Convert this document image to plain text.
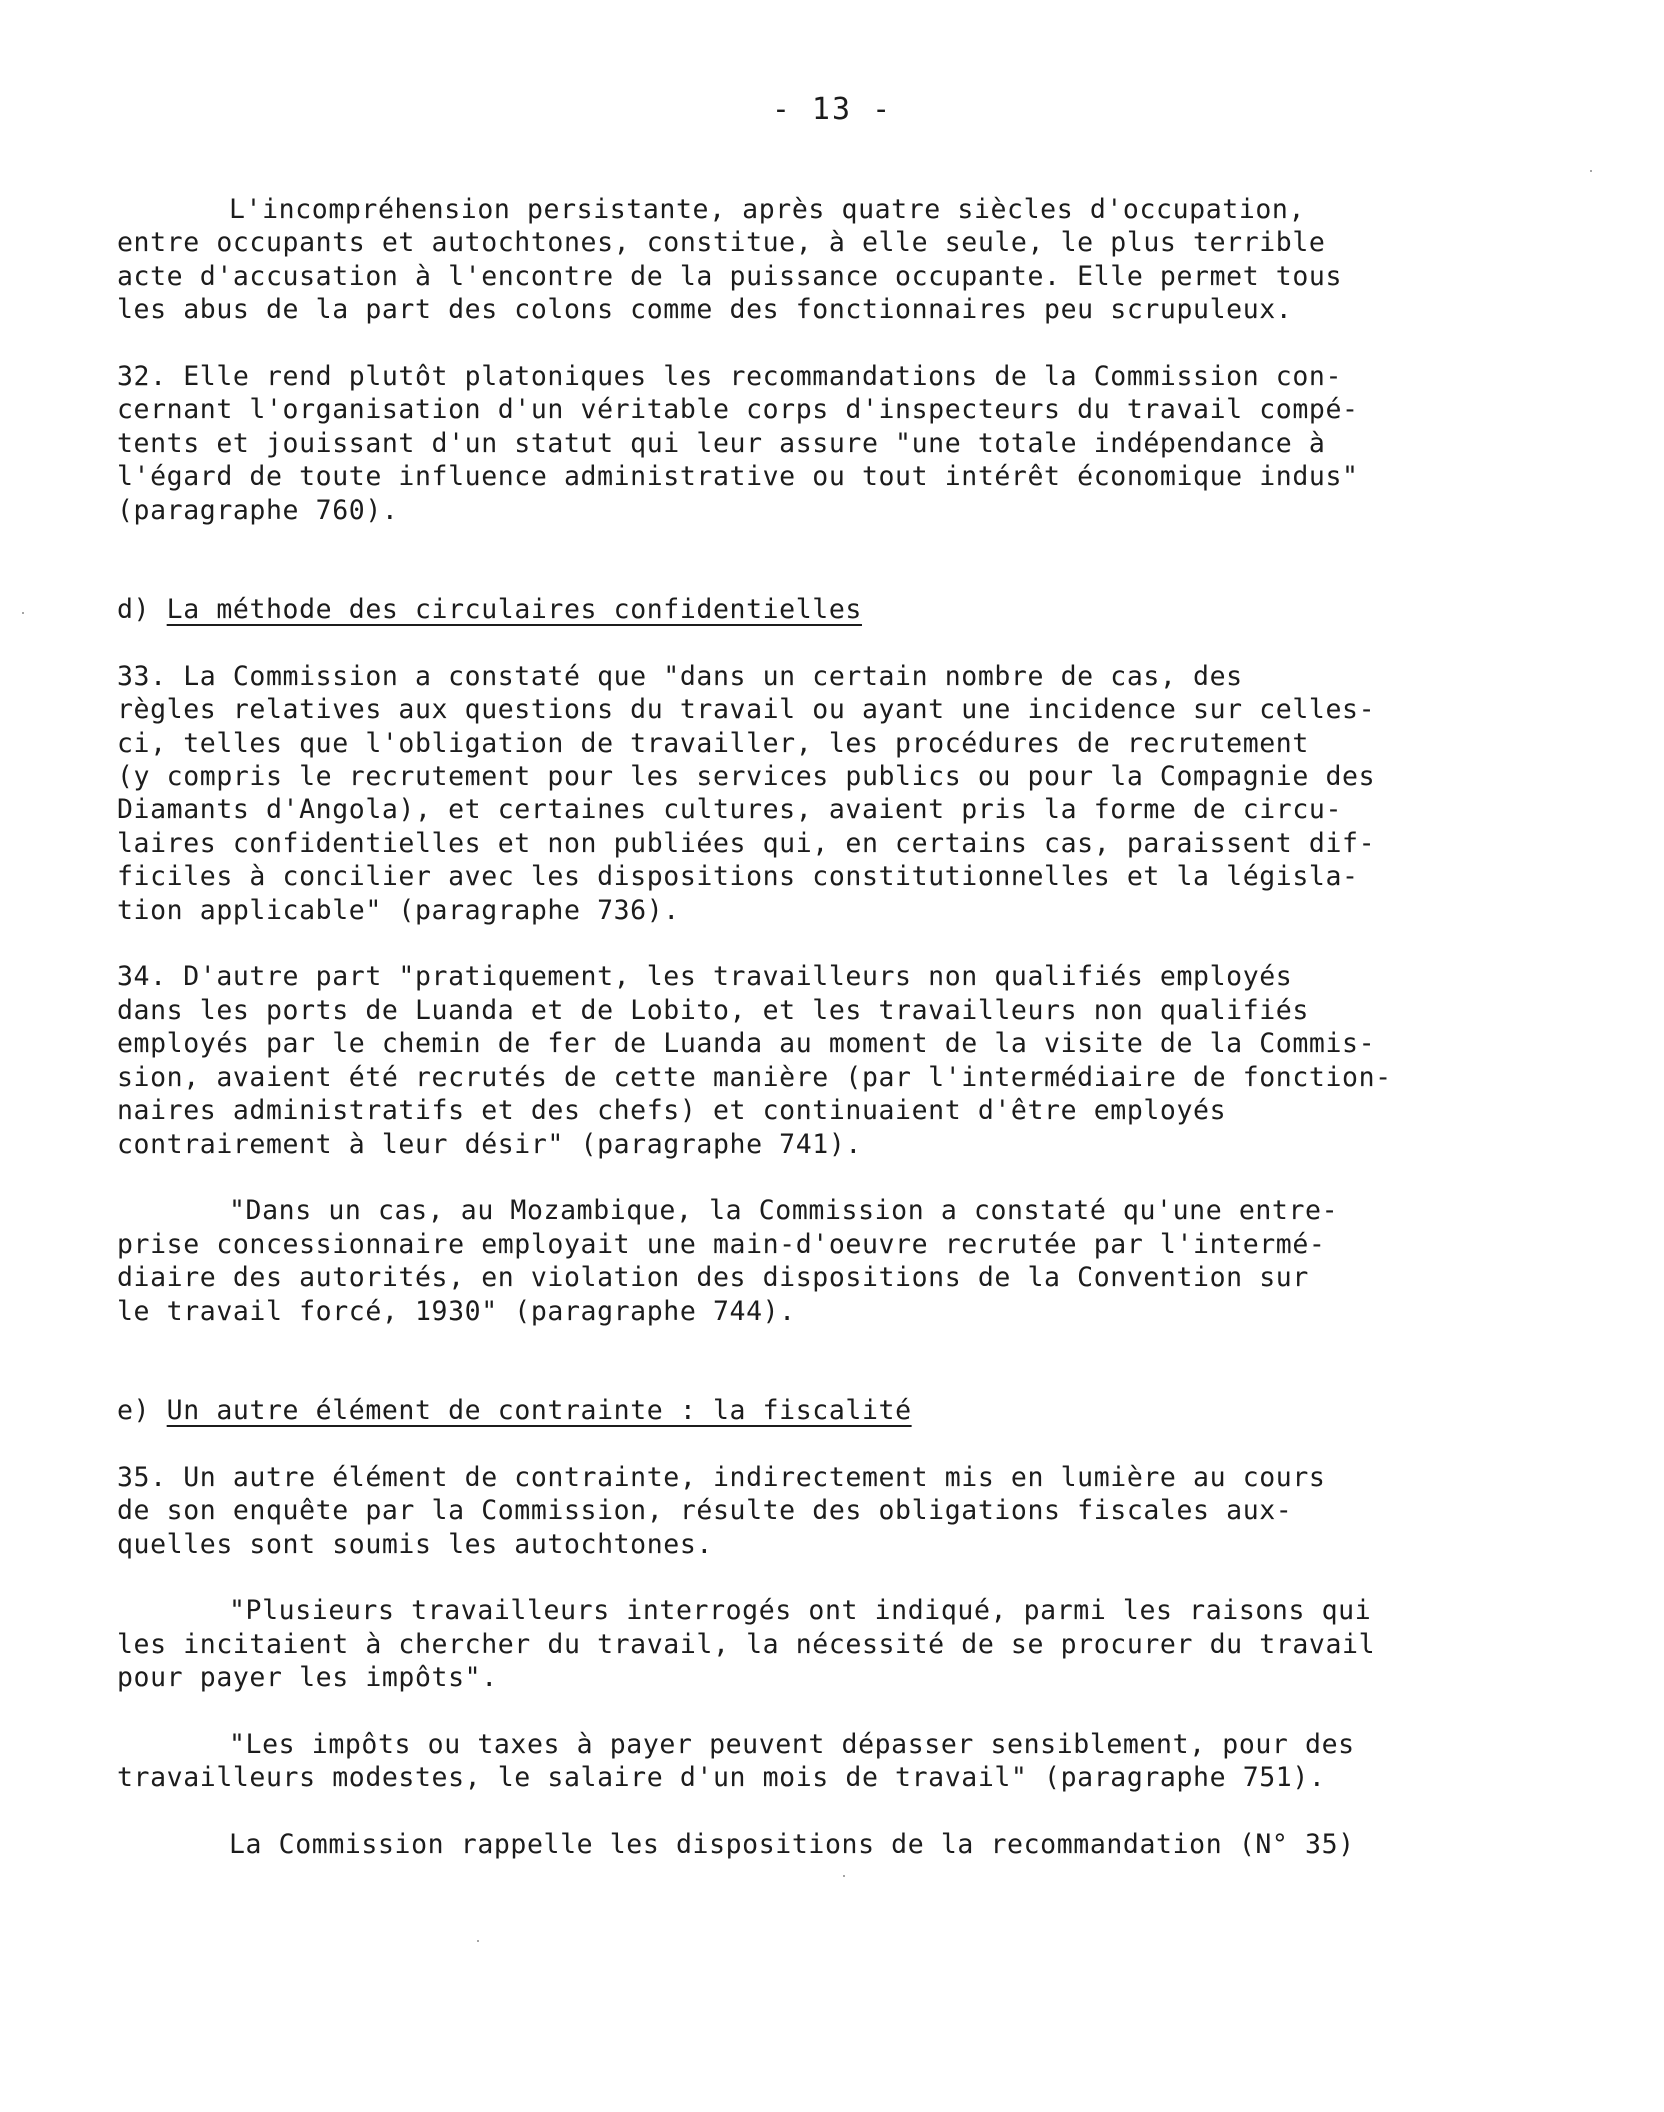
- 13 -

L'incompréhension persistante, après quatre siècles d'occupation,
entre occupants et autochtones, constitue, à elle seule, le plus terrible
acte d'accusation à l'encontre de la puissance occupante. Elle permet tous
les abus de la part des colons comme des fonctionnaires peu scrupuleux.

32. Elle rend plutôt platoniques les recommandations de la Commission con-
cernant l'organisation d'un véritable corps d'inspecteurs du travail compé-
tents et jouissant d'un statut qui leur assure "une totale indépendance à
l'égard de toute influence administrative ou tout intérêt économique indus"
(paragraphe 760).

d) La méthode des circulaires confidentielles

33. La Commission a constaté que "dans un certain nombre de cas, des
règles relatives aux questions du travail ou ayant une incidence sur celles-
ci, telles que l'obligation de travailler, les procédures de recrutement
(y compris le recrutement pour les services publics ou pour la Compagnie des
Diamants d'Angola), et certaines cultures, avaient pris la forme de circu-
laires confidentielles et non publiées qui, en certains cas, paraissent dif-
ficiles à concilier avec les dispositions constitutionnelles et la législa-
tion applicable" (paragraphe 736).

34. D'autre part "pratiquement, les travailleurs non qualifiés employés
dans les ports de Luanda et de Lobito, et les travailleurs non qualifiés
employés par le chemin de fer de Luanda au moment de la visite de la Commis-
sion, avaient été recrutés de cette manière (par l'intermédiaire de fonction-
naires administratifs et des chefs) et continuaient d'être employés
contrairement à leur désir" (paragraphe 741).

"Dans un cas, au Mozambique, la Commission a constaté qu'une entre-
prise concessionnaire employait une main-d'oeuvre recrutée par l'intermé-
diaire des autorités, en violation des dispositions de la Convention sur
le travail forcé, 1930" (paragraphe 744).

e) Un autre élément de contrainte : la fiscalité

35. Un autre élément de contrainte, indirectement mis en lumière au cours
de son enquête par la Commission, résulte des obligations fiscales aux-
quelles sont soumis les autochtones.

"Plusieurs travailleurs interrogés ont indiqué, parmi les raisons qui
les incitaient à chercher du travail, la nécessité de se procurer du travail
pour payer les impôts".

"Les impôts ou taxes à payer peuvent dépasser sensiblement, pour des
travailleurs modestes, le salaire d'un mois de travail" (paragraphe 751).

La Commission rappelle les dispositions de la recommandation (N° 35)
